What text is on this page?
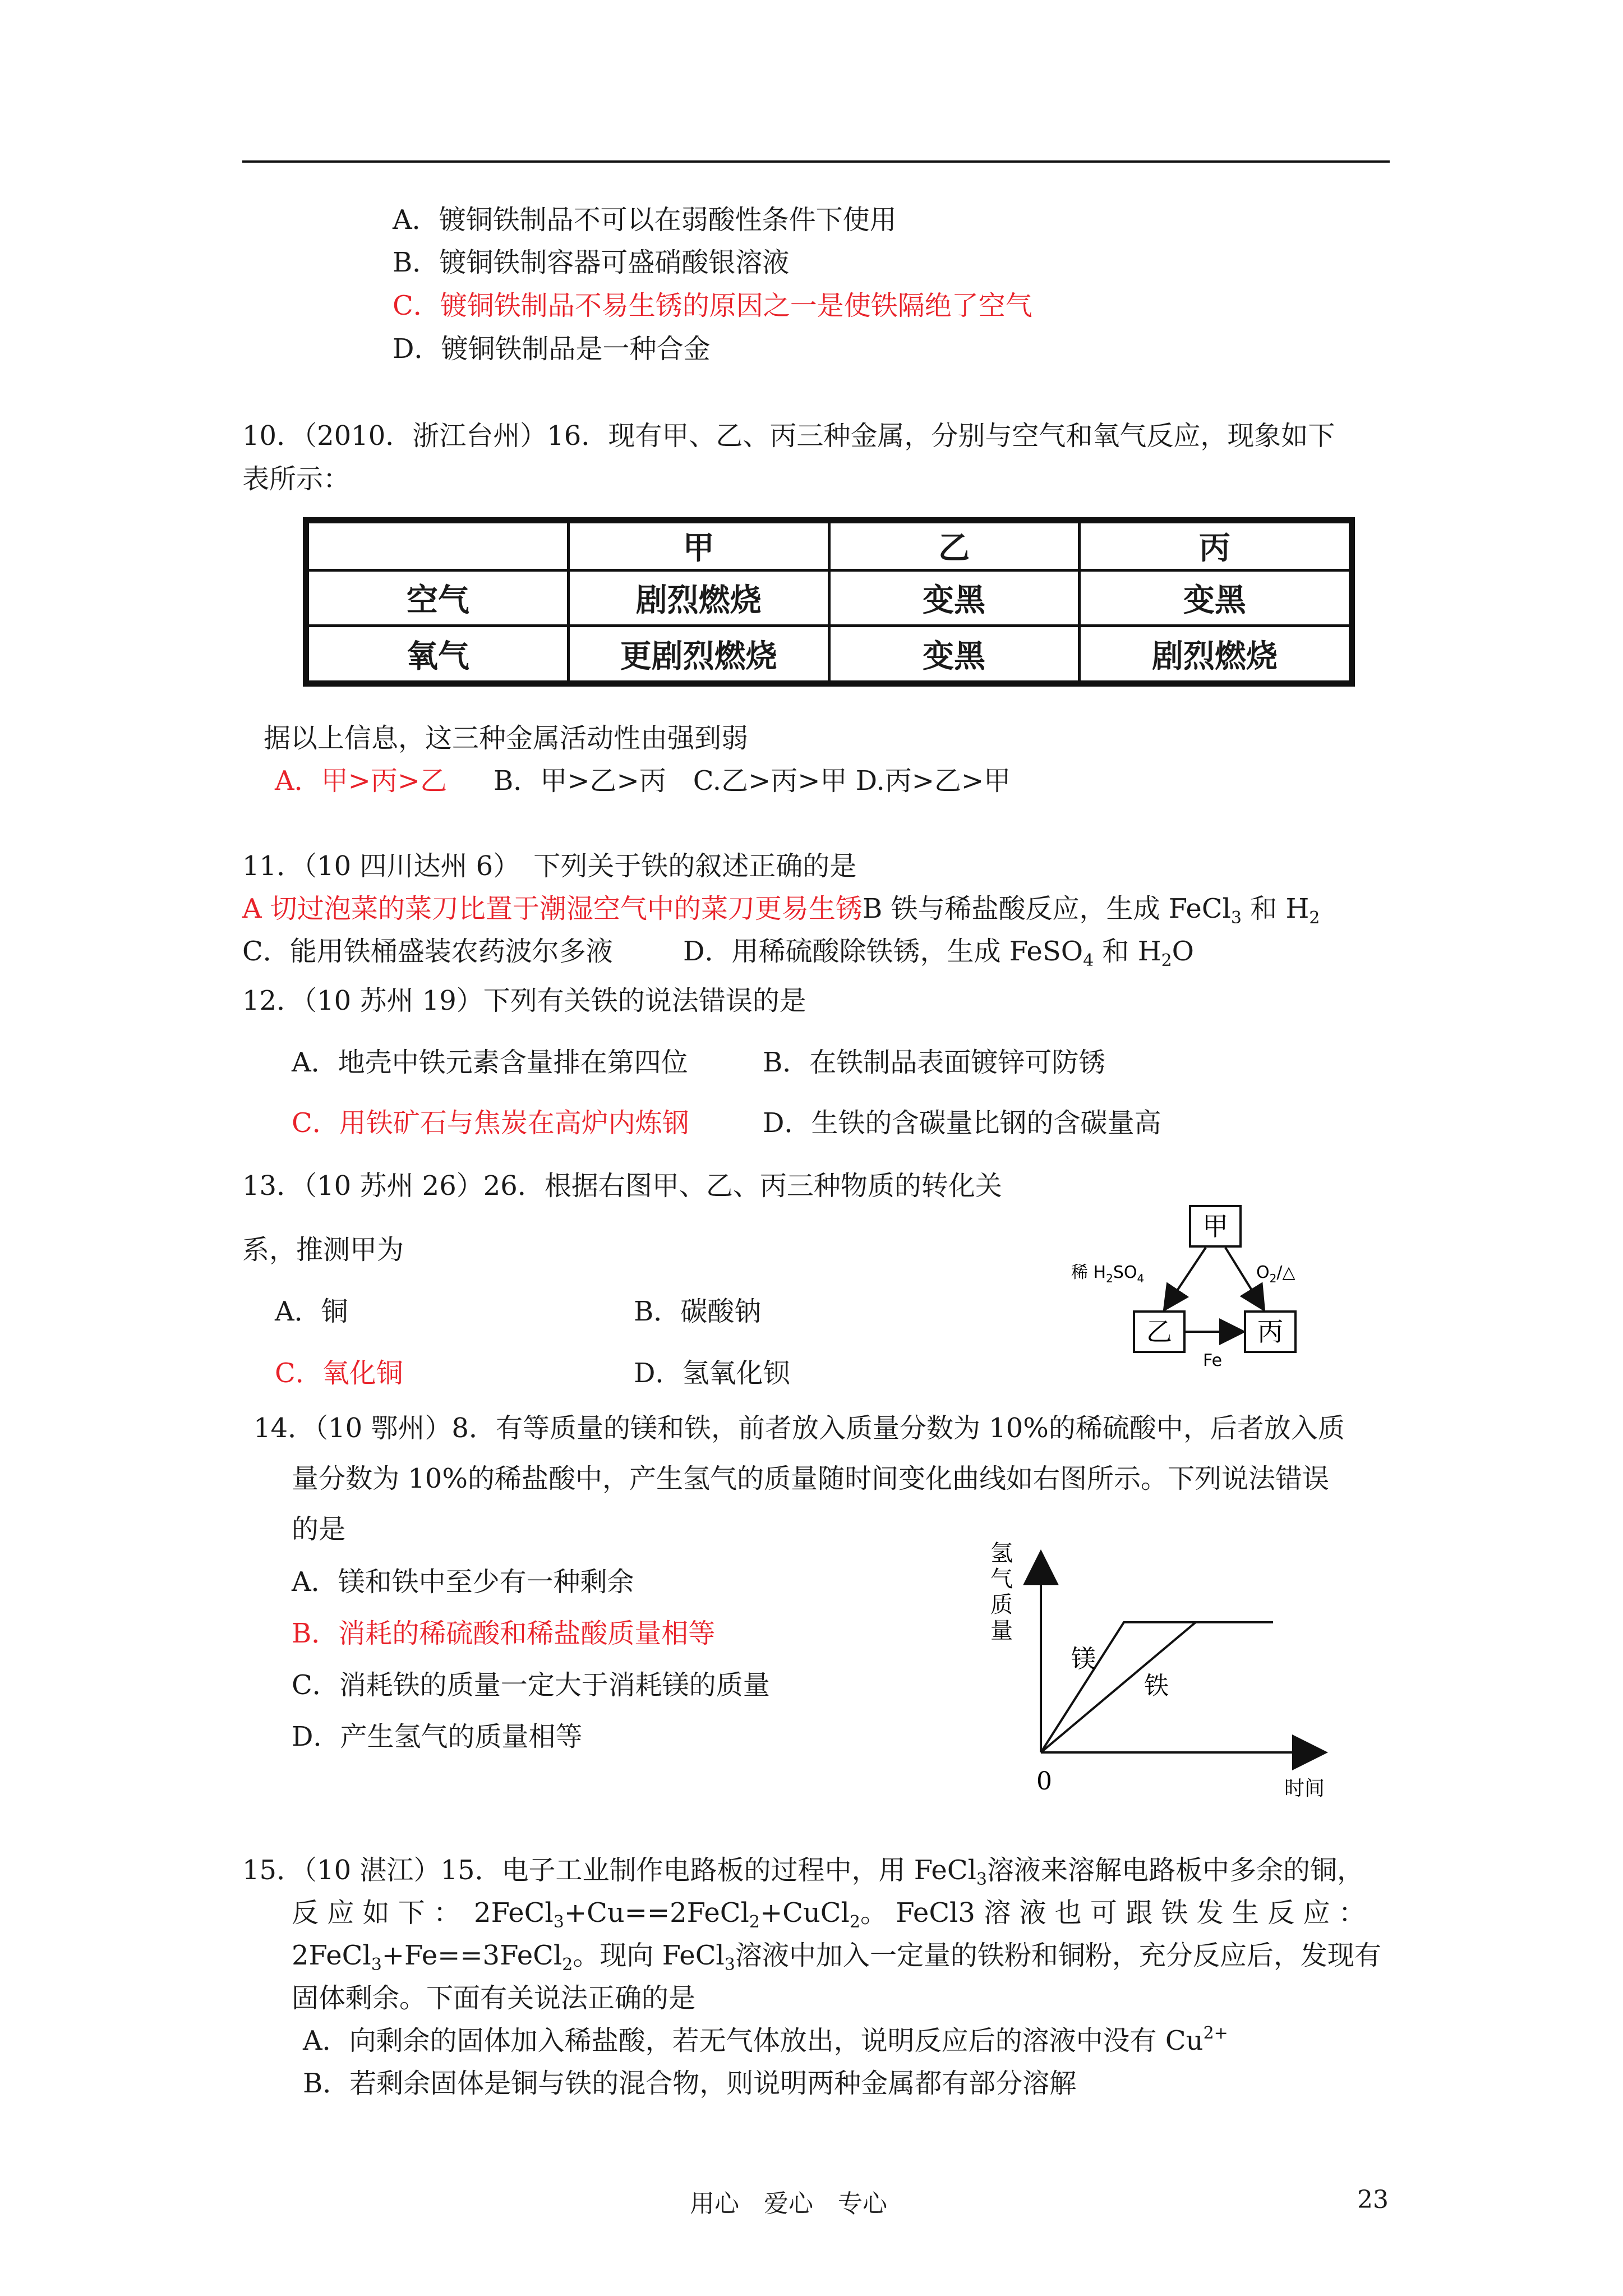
A．镀铜铁制品不可以在弱酸性条件下使用
B．镀铜铁制容器可盛硝酸银溶液
C．镀铜铁制品不易生锈的原因之一是使铁隔绝了空气
D．镀铜铁制品是一种合金
10．（2010．浙江台州）16．现有甲、乙、丙三种金属，分别与空气和氧气反应，现象如下
表所示：
	甲	乙	丙
空气	剧烈燃烧	变黑	变黑
氧气	更剧烈燃烧	变黑	剧烈燃烧
据以上信息，这三种金属活动性由强到弱
A．甲>丙>乙 B．甲>乙>丙　C.乙>丙>甲 D.丙>乙>甲
11．（10 四川达州 6）　下列关于铁的叙述正确的是
A 切过泡菜的菜刀比置于潮湿空气中的菜刀更易生锈B 铁与稀盐酸反应，生成 FeCl$_3$ 和 $H_2$
C．能用铁桶盛装农药波尔多液	D．用稀硫酸除铁锈，生成 FeSO$_4$ 和 $H_2O$
12．（10 苏州 19）下列有关铁的说法错误的是
A．地壳中铁元素含量排在第四位	B．在铁制品表面镀锌可防锈
C．用铁矿石与焦炭在高炉内炼钢	D．生铁的含碳量比钢的含碳量高
13．（10 苏州 26）26．根据右图甲、乙、丙三种物质的转化关
系，推测甲为
A．铜	B．碳酸钠
C．氧化铜	D．氢氧化钡
甲
乙	丙
稀 $H_2SO_4$	$O_2/\triangle$
Fe
14．（10 鄂州）8．有等质量的镁和铁，前者放入质量分数为 10%的稀硫酸中，后者放入质
量分数为 10%的稀盐酸中，产生氢气的质量随时间变化曲线如右图所示。下列说法错误
的是
A．镁和铁中至少有一种剩余
B．消耗的稀硫酸和稀盐酸质量相等
C．消耗铁的质量一定大于消耗镁的质量
D．产生氢气的质量相等
氢 气 质 量
镁
铁
0	时间
15．（10 湛江）15．电子工业制作电路板的过程中，用 FeCl$_3$溶液来溶解电路板中多余的铜，
反 应 如 下 ：　2FeCl$_3$+Cu==2FeCl$_2$+CuCl$_2$。 FeCl3 溶 液 也 可 跟 铁 发 生 反 应 ：
2FeCl$_3$+Fe==3FeCl$_2$。现向 FeCl$_3$溶液中加入一定量的铁粉和铜粉，充分反应后，发现有
固体剩余。下面有关说法正确的是
A．向剩余的固体加入稀盐酸，若无气体放出，说明反应后的溶液中没有 $Cu^{2+}$
B．若剩余固体是铜与铁的混合物，则说明两种金属都有部分溶解
用心　爱心　专心	23
